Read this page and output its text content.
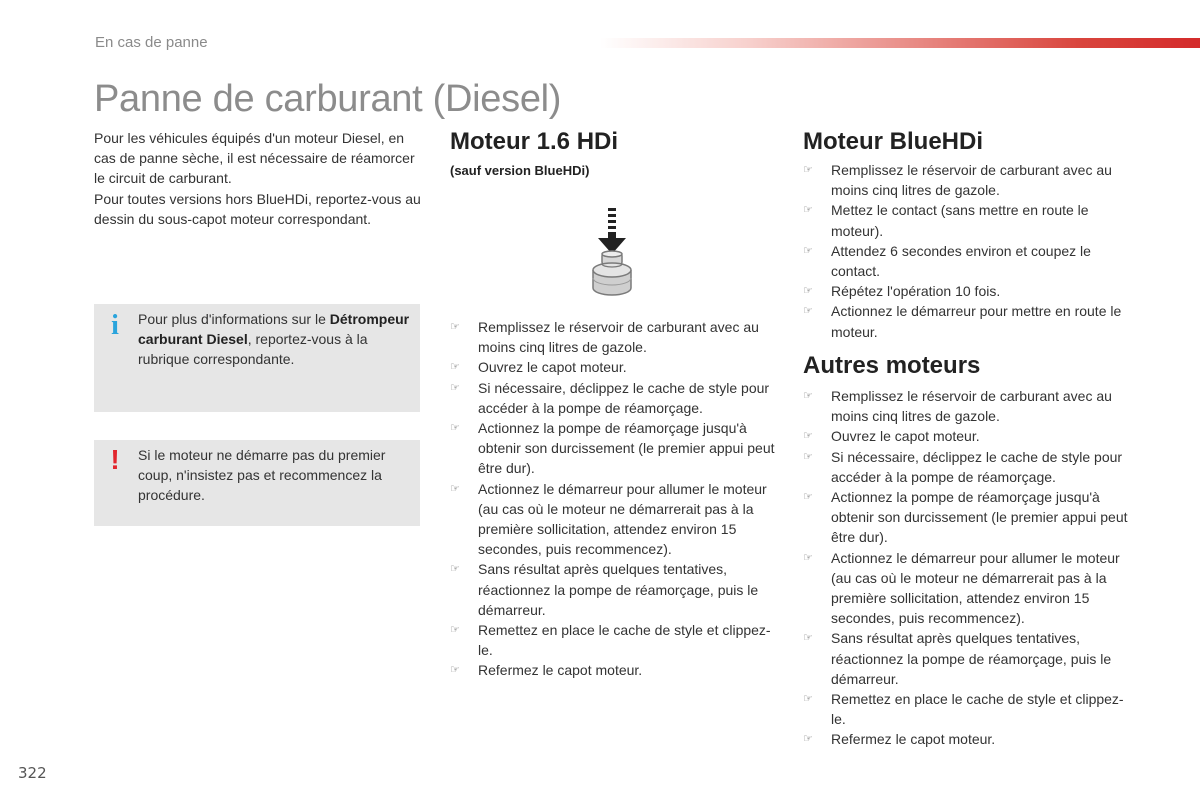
En cas de panne
Panne de carburant (Diesel)

Pour les véhicules équipés d'un moteur Diesel, en cas de panne sèche, il est nécessaire de réamorcer le circuit de carburant.

Pour toutes versions hors BlueHDi, reportez-vous au dessin du sous-capot moteur correspondant.

i	Pour plus d'informations sur le Détrompeur carburant Diesel, reportez-vous à la rubrique correspondante.
!	Si le moteur ne démarre pas du premier coup, n'insistez pas et recommencez la procédure.
Moteur 1.6 HDi
(sauf version BlueHDi)
☞	Remplissez le réservoir de carburant avec au moins cinq litres de gazole.
☞	Ouvrez le capot moteur.
☞	Si nécessaire, déclippez le cache de style pour accéder à la pompe de réamorçage.
☞	Actionnez la pompe de réamorçage jusqu'à obtenir son durcissement (le premier appui peut être dur).
☞	Actionnez le démarreur pour allumer le moteur (au cas où le moteur ne démarrerait pas à la première sollicitation, attendez environ 15 secondes, puis recommencez).
☞	Sans résultat après quelques tentatives, réactionnez la pompe de réamorçage, puis le démarreur.
☞	Remettez en place le cache de style et clippez-le.
☞	Refermez le capot moteur.
Moteur BlueHDi
☞	Remplissez le réservoir de carburant avec au moins cinq litres de gazole.
☞	Mettez le contact (sans mettre en route le moteur).
☞	Attendez 6 secondes environ et coupez le contact.
☞	Répétez l'opération 10 fois.
☞	Actionnez le démarreur pour mettre en route le moteur.
Autres moteurs
☞	Remplissez le réservoir de carburant avec au moins cinq litres de gazole.
☞	Ouvrez le capot moteur.
☞	Si nécessaire, déclippez le cache de style pour accéder à la pompe de réamorçage.
☞	Actionnez la pompe de réamorçage jusqu'à obtenir son durcissement (le premier appui peut être dur).
☞	Actionnez le démarreur pour allumer le moteur (au cas où le moteur ne démarrerait pas à la première sollicitation, attendez environ 15 secondes, puis recommencez).
☞	Sans résultat après quelques tentatives, réactionnez la pompe de réamorçage, puis le démarreur.
☞	Remettez en place le cache de style et clippez-le.
☞	Refermez le capot moteur.
322
